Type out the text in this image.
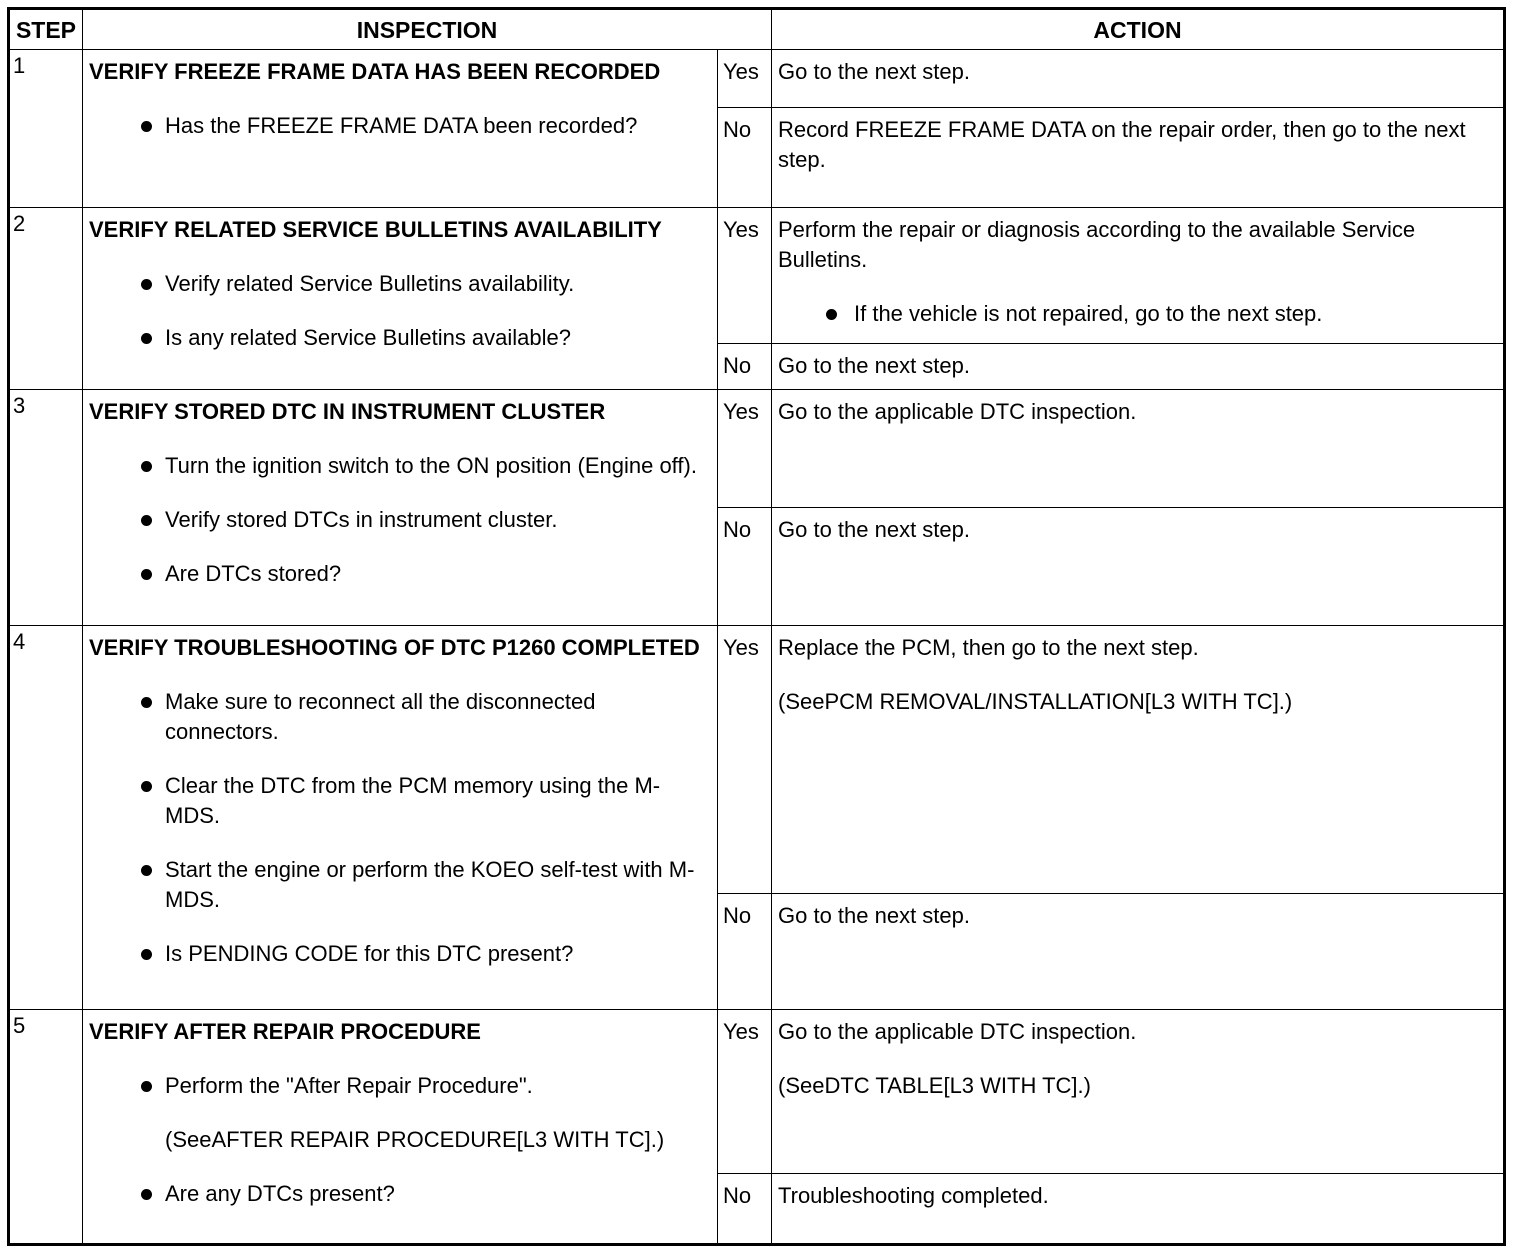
STEP	INSPECTION	ACTION
1	VERIFY FREEZE FRAME DATA HAS BEEN RECORDED

Has the FREEZE FRAME DATA been recorded?
Yes Go to the next step.
No	Record FREEZE FRAME DATA on the repair order, then go to the next step.
2	VERIFY RELATED SERVICE BULLETINS AVAILABILITY

Verify related Service Bulletins availability.
Is any related Service Bulletins available?
Yes Perform the repair or diagnosis according to the available Service Bulletins.
If the vehicle is not repaired, go to the next step.
No	Go to the next step.
3	VERIFY STORED DTC IN INSTRUMENT CLUSTER

Turn the ignition switch to the ON position (Engine off).
Verify stored DTCs in instrument cluster.
Are DTCs stored?
Yes Go to the applicable DTC inspection.
No	Go to the next step.
4	VERIFY TROUBLESHOOTING OF DTC P1260 COMPLETED

Make sure to reconnect all the disconnected connectors.
Clear the DTC from the PCM memory using the M-MDS.
Start the engine or perform the KOEO self-test with M-MDS.
Is PENDING CODE for this DTC present?
Yes Replace the PCM, then go to the next step.
(SeePCM REMOVAL/INSTALLATION[L3 WITH TC].)
No	Go to the next step.
5	VERIFY AFTER REPAIR PROCEDURE

Perform the "After Repair Procedure".
(SeeAFTER REPAIR PROCEDURE[L3 WITH TC].)
Are any DTCs present?
Yes Go to the applicable DTC inspection.
(SeeDTC TABLE[L3 WITH TC].)
No	Troubleshooting completed.
